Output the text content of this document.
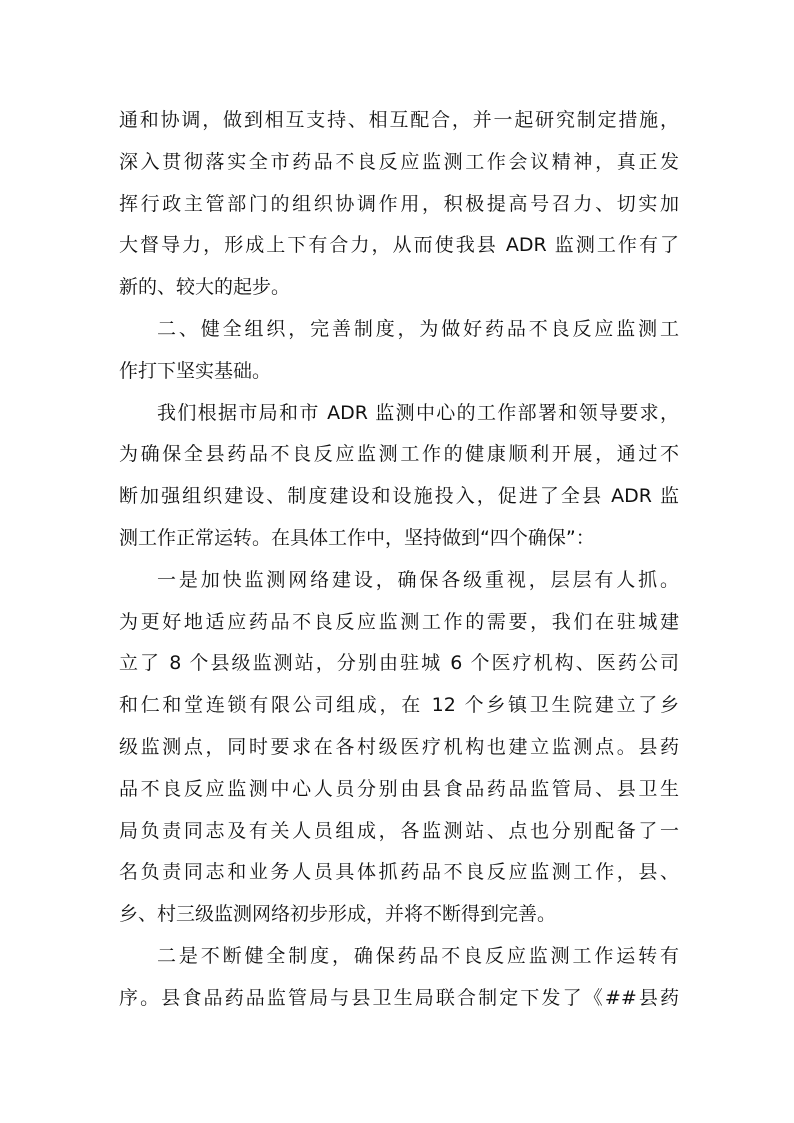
通和协调，做到相互支持、相互配合，并一起研究制定措施，

深入贯彻落实全市药品不良反应监测工作会议精神，真正发

挥行政主管部门的组织协调作用，积极提高号召力、切实加

大督导力，形成上下有合力，从而使我县 ADR 监测工作有了

新的、较大的起步。

二、健全组织，完善制度，为做好药品不良反应监测工

作打下坚实基础。

我们根据市局和市 ADR 监测中心的工作部署和领导要求，

为确保全县药品不良反应监测工作的健康顺利开展，通过不

断加强组织建设、制度建设和设施投入，促进了全县 ADR 监

测工作正常运转。在具体工作中，坚持做到“四个确保”：

一是加快监测网络建设，确保各级重视，层层有人抓。

为更好地适应药品不良反应监测工作的需要，我们在驻城建

立了 8 个县级监测站，分别由驻城 6 个医疗机构、医药公司

和仁和堂连锁有限公司组成，在 12 个乡镇卫生院建立了乡

级监测点，同时要求在各村级医疗机构也建立监测点。县药

品不良反应监测中心人员分别由县食品药品监管局、县卫生

局负责同志及有关人员组成，各监测站、点也分别配备了一

名负责同志和业务人员具体抓药品不良反应监测工作，县、

乡、村三级监测网络初步形成，并将不断得到完善。

二是不断健全制度，确保药品不良反应监测工作运转有

序。县食品药品监管局与县卫生局联合制定下发了《##县药
